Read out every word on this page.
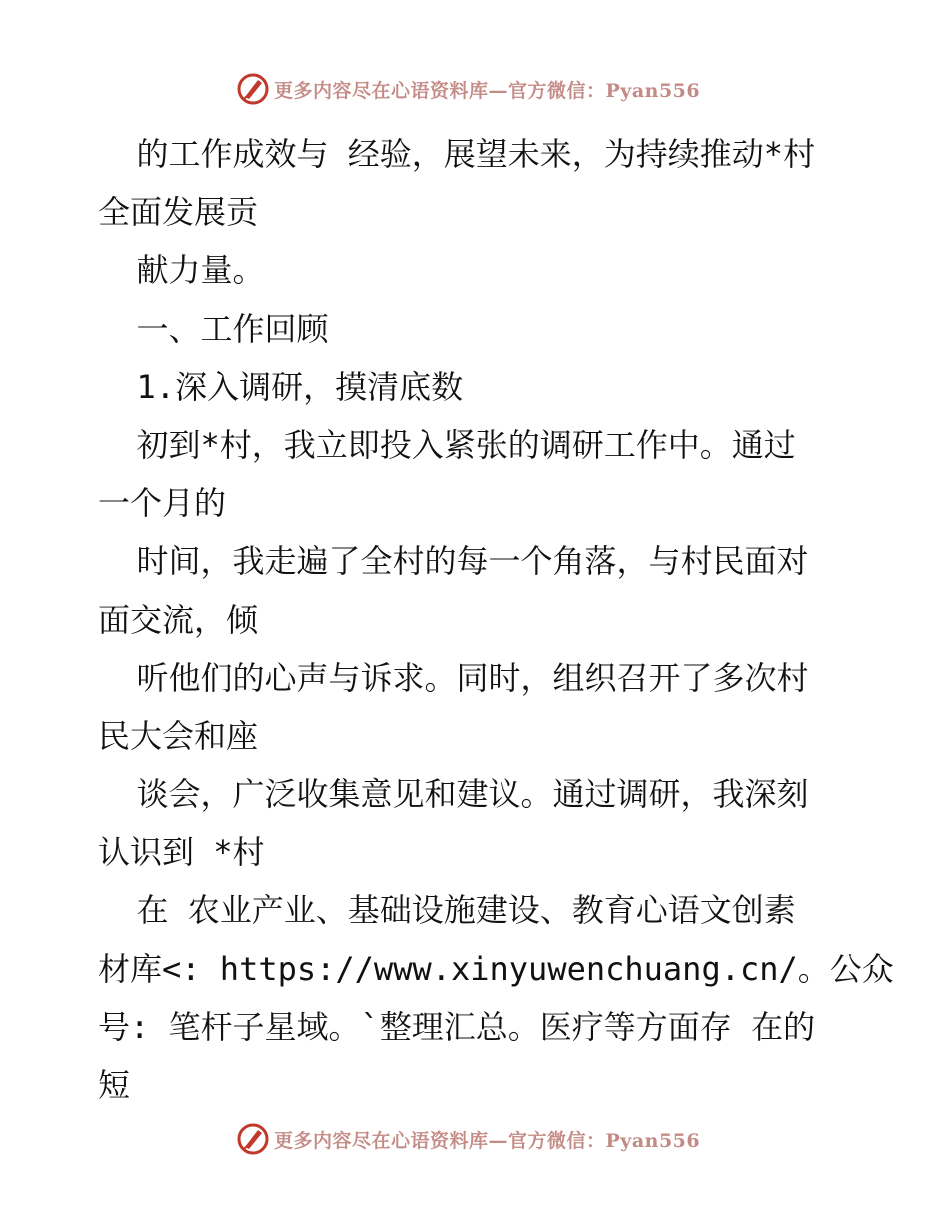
更多内容尽在心语资料库—官方微信：Pyan556
的工作成效与 经验，展望未来，为持续推动*村
全面发展贡
献力量。
一、工作回顾
1.深入调研，摸清底数
初到*村，我立即投入紧张的调研工作中。通过
一个月的
时间，我走遍了全村的每一个角落，与村民面对
面交流，倾
听他们的心声与诉求。同时，组织召开了多次村
民大会和座
谈会，广泛收集意见和建议。通过调研，我深刻
认识到 *村
在 农业产业、基础设施建设、教育心语文创素
材库<: https://www.xinyuwenchuang.cn/。公众
号: 笔杆子星域。`整理汇总。医疗等方面存 在的
短
更多内容尽在心语资料库—官方微信：Pyan556
